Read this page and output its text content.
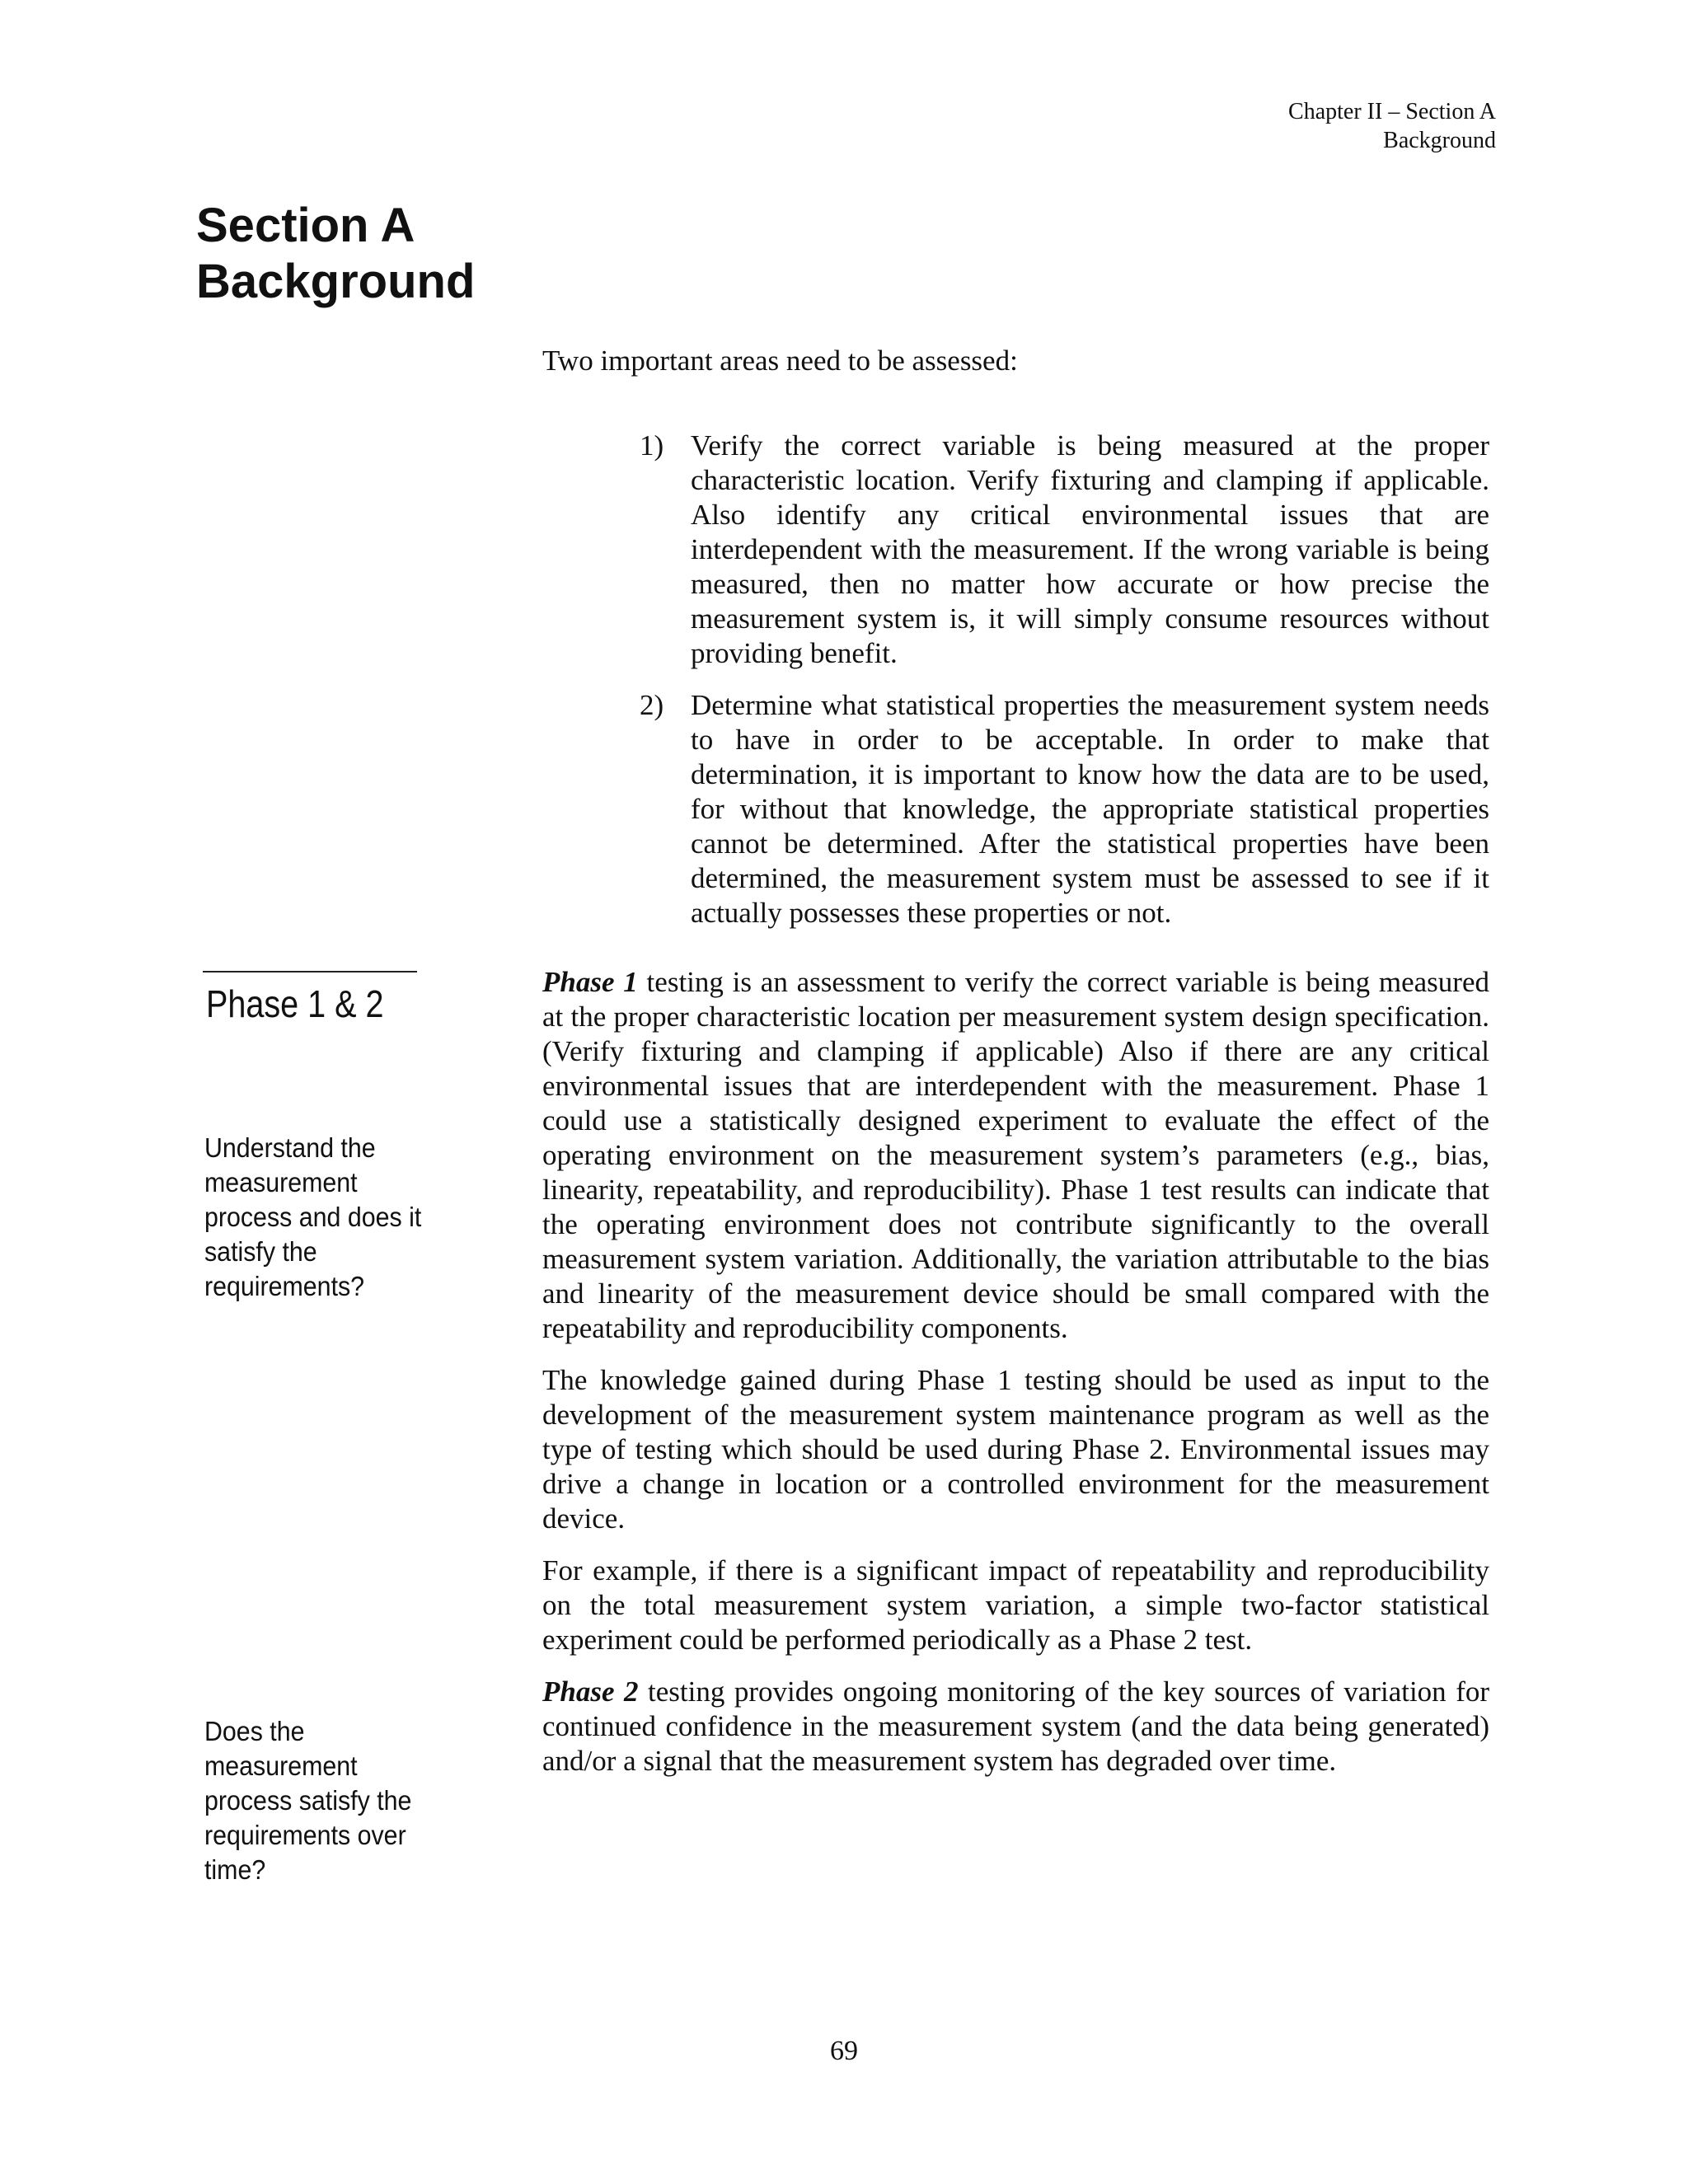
Chapter II – Section A
Background
Section A
Background
Two important areas need to be assessed:
1) Verify the correct variable is being measured at the proper characteristic location. Verify fixturing and clamping if applicable. Also identify any critical environmental issues that are interdependent with the measurement. If the wrong variable is being measured, then no matter how accurate or how precise the measurement system is, it will simply consume resources without providing benefit.
2) Determine what statistical properties the measurement system needs to have in order to be acceptable. In order to make that determination, it is important to know how the data are to be used, for without that knowledge, the appropriate statistical properties cannot be determined. After the statistical properties have been determined, the measurement system must be assessed to see if it actually possesses these properties or not.
Phase 1 & 2
Understand the measurement process and does it satisfy the requirements?
Does the measurement process satisfy the requirements over time?

Phase 1 testing is an assessment to verify the correct variable is being measured at the proper characteristic location per measurement system design specification. (Verify fixturing and clamping if applicable) Also if there are any critical environmental issues that are interdependent with the measurement. Phase 1 could use a statistically designed experiment to evaluate the effect of the operating environment on the measurement system’s parameters (e.g., bias, linearity, repeatability, and reproducibility). Phase 1 test results can indicate that the operating environment does not contribute significantly to the overall measurement system variation. Additionally, the variation attributable to the bias and linearity of the measurement device should be small compared with the repeatability and reproducibility components.

The knowledge gained during Phase 1 testing should be used as input to the development of the measurement system maintenance program as well as the type of testing which should be used during Phase 2. Environmental issues may drive a change in location or a controlled environment for the measurement device.

For example, if there is a significant impact of repeatability and reproducibility on the total measurement system variation, a simple two-factor statistical experiment could be performed periodically as a Phase 2 test.

Phase 2 testing provides ongoing monitoring of the key sources of variation for continued confidence in the measurement system (and the data being generated) and/or a signal that the measurement system has degraded over time.

69
